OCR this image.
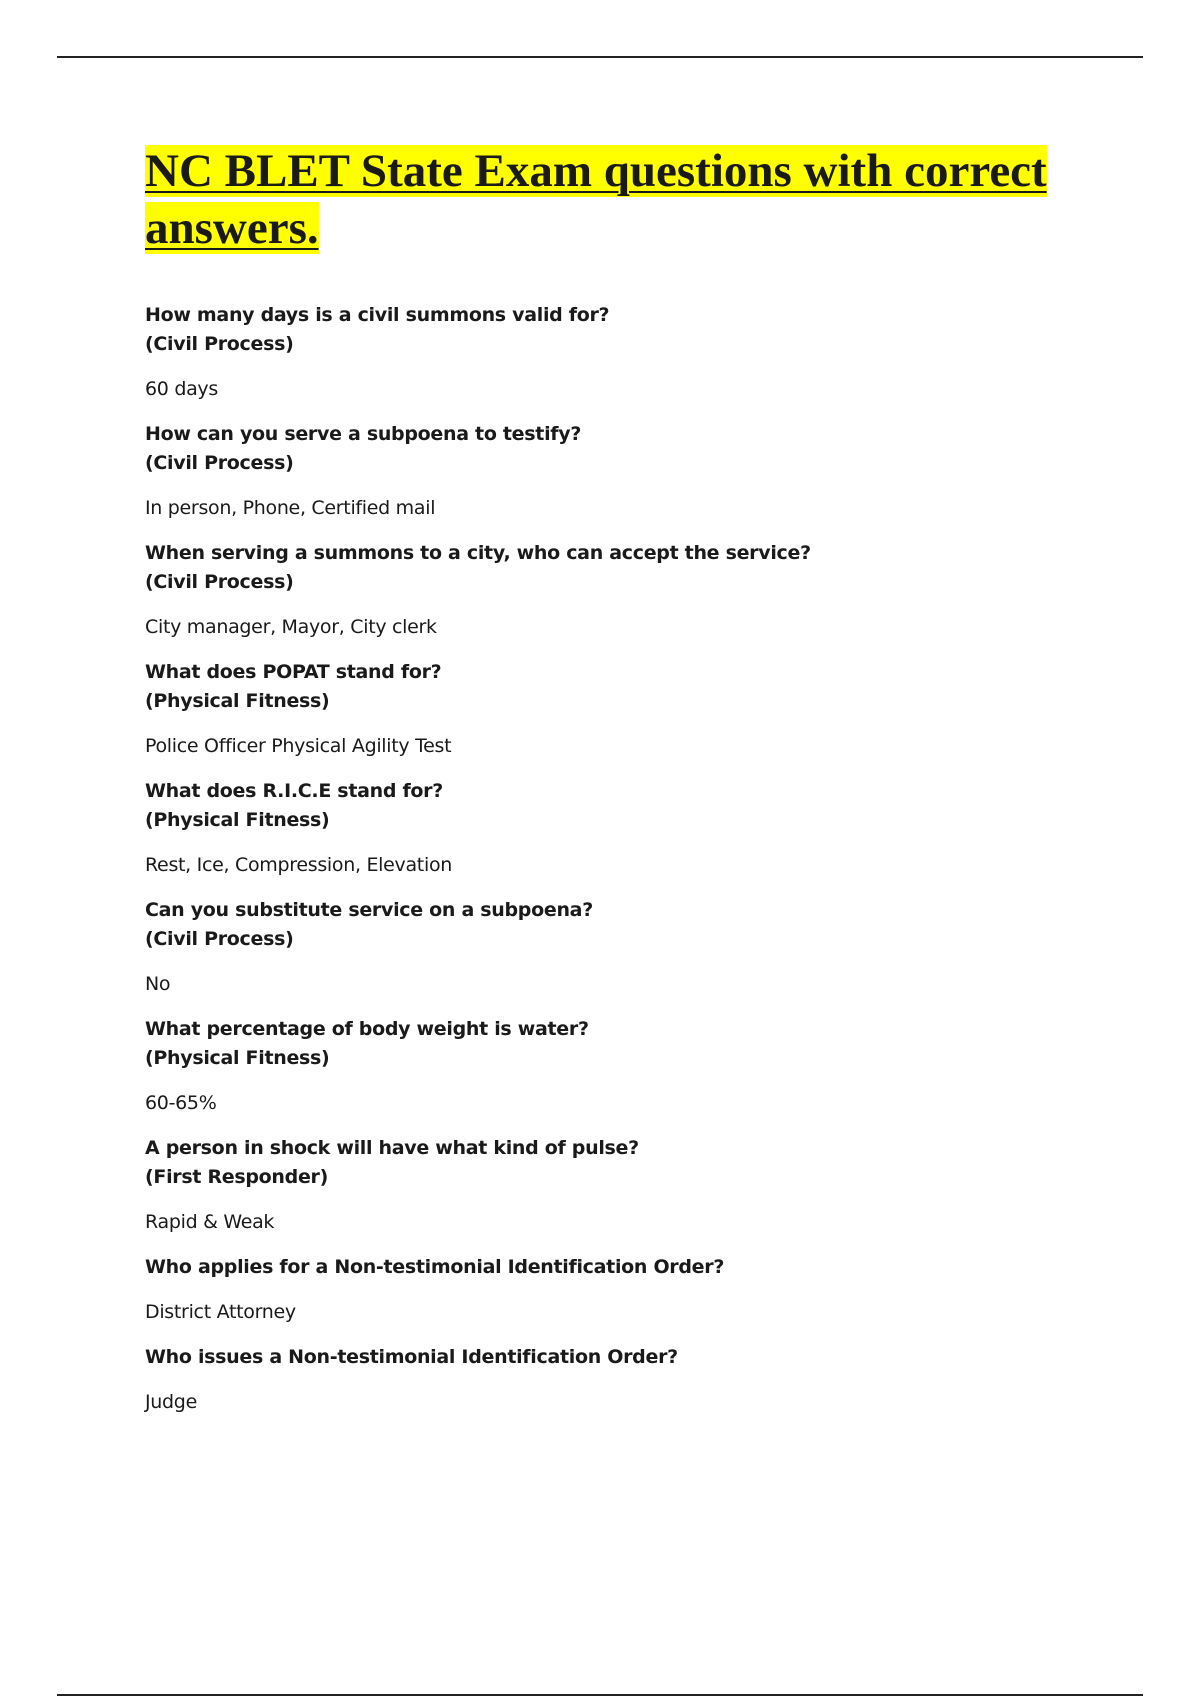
NC BLET State Exam questions with correct answers.

How many days is a civil summons valid for?

(Civil Process)

60 days

How can you serve a subpoena to testify?

(Civil Process)

In person, Phone, Certified mail

When serving a summons to a city, who can accept the service?

(Civil Process)

City manager, Mayor, City clerk

What does POPAT stand for?

(Physical Fitness)

Police Officer Physical Agility Test

What does R.I.C.E stand for?

(Physical Fitness)

Rest, Ice, Compression, Elevation

Can you substitute service on a subpoena?

(Civil Process)

No

What percentage of body weight is water?

(Physical Fitness)

60-65%

A person in shock will have what kind of pulse?

(First Responder)

Rapid & Weak

Who applies for a Non-testimonial Identification Order?

District Attorney

Who issues a Non-testimonial Identification Order?

Judge
